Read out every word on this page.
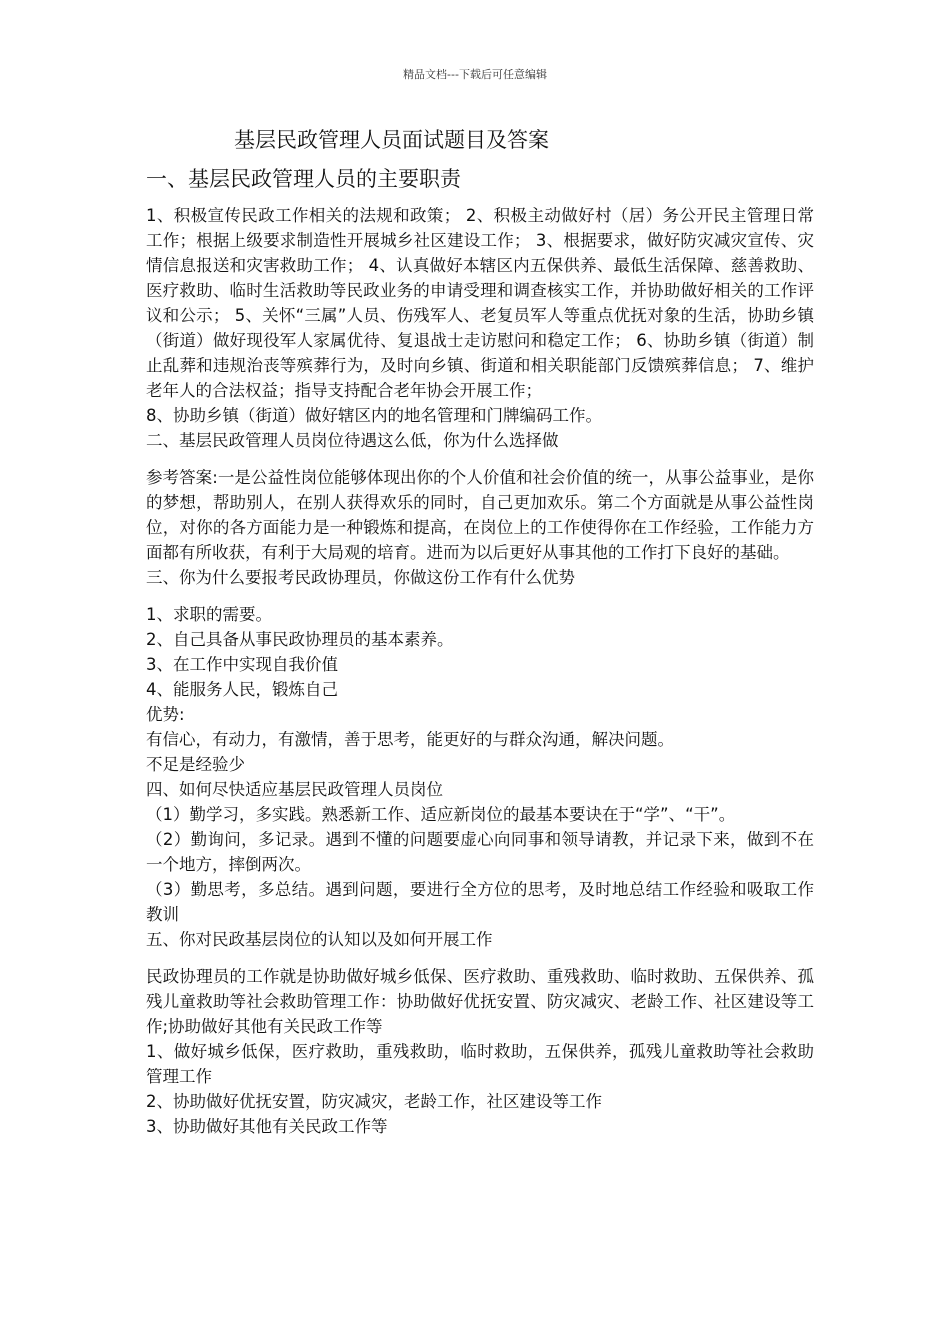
精品文档---下载后可任意编辑
基层民政管理人员面试题目及答案
一、基层民政管理人员的主要职责

1、积极宣传民政工作相关的法规和政策； 2、积极主动做好村（居）务公开民主管理日常工作；根据上级要求制造性开展城乡社区建设工作； 3、根据要求，做好防灾减灾宣传、灾情信息报送和灾害救助工作； 4、认真做好本辖区内五保供养、最低生活保障、慈善救助、医疗救助、临时生活救助等民政业务的申请受理和调查核实工作，并协助做好相关的工作评议和公示； 5、关怀“三属”人员、伤残军人、老复员军人等重点优抚对象的生活，协助乡镇（街道）做好现役军人家属优待、复退战士走访慰问和稳定工作； 6、协助乡镇（街道）制止乱葬和违规治丧等殡葬行为，及时向乡镇、街道和相关职能部门反馈殡葬信息； 7、维护老年人的合法权益；指导支持配合老年协会开展工作；

8、协助乡镇（街道）做好辖区内的地名管理和门牌编码工作。

二、基层民政管理人员岗位待遇这么低，你为什么选择做

参考答案:一是公益性岗位能够体现出你的个人价值和社会价值的统一，从事公益事业，是你的梦想，帮助别人，在别人获得欢乐的同时，自己更加欢乐。第二个方面就是从事公益性岗位，对你的各方面能力是一种锻炼和提高，在岗位上的工作使得你在工作经验，工作能力方面都有所收获，有利于大局观的培育。进而为以后更好从事其他的工作打下良好的基础。

三、你为什么要报考民政协理员，你做这份工作有什么优势

1、求职的需要。

2、自己具备从事民政协理员的基本素养。

3、在工作中实现自我价值

4、能服务人民，锻炼自己

优势:

有信心，有动力，有激情，善于思考，能更好的与群众沟通，解决问题。

不足是经验少

四、如何尽快适应基层民政管理人员岗位

（1）勤学习，多实践。熟悉新工作、适应新岗位的最基本要诀在于“学”、“干”。

（2）勤询问，多记录。遇到不懂的问题要虚心向同事和领导请教，并记录下来，做到不在一个地方，摔倒两次。

（3）勤思考，多总结。遇到问题，要进行全方位的思考，及时地总结工作经验和吸取工作教训

五、你对民政基层岗位的认知以及如何开展工作

民政协理员的工作就是协助做好城乡低保、医疗救助、重残救助、临时救助、五保供养、孤残儿童救助等社会救助管理工作：协助做好优抚安置、防灾减灾、老龄工作、社区建设等工作;协助做好其他有关民政工作等

1、做好城乡低保，医疗救助，重残救助，临时救助，五保供养，孤残儿童救助等社会救助管理工作

2、协助做好优抚安置，防灾减灾，老龄工作，社区建设等工作

3、协助做好其他有关民政工作等
